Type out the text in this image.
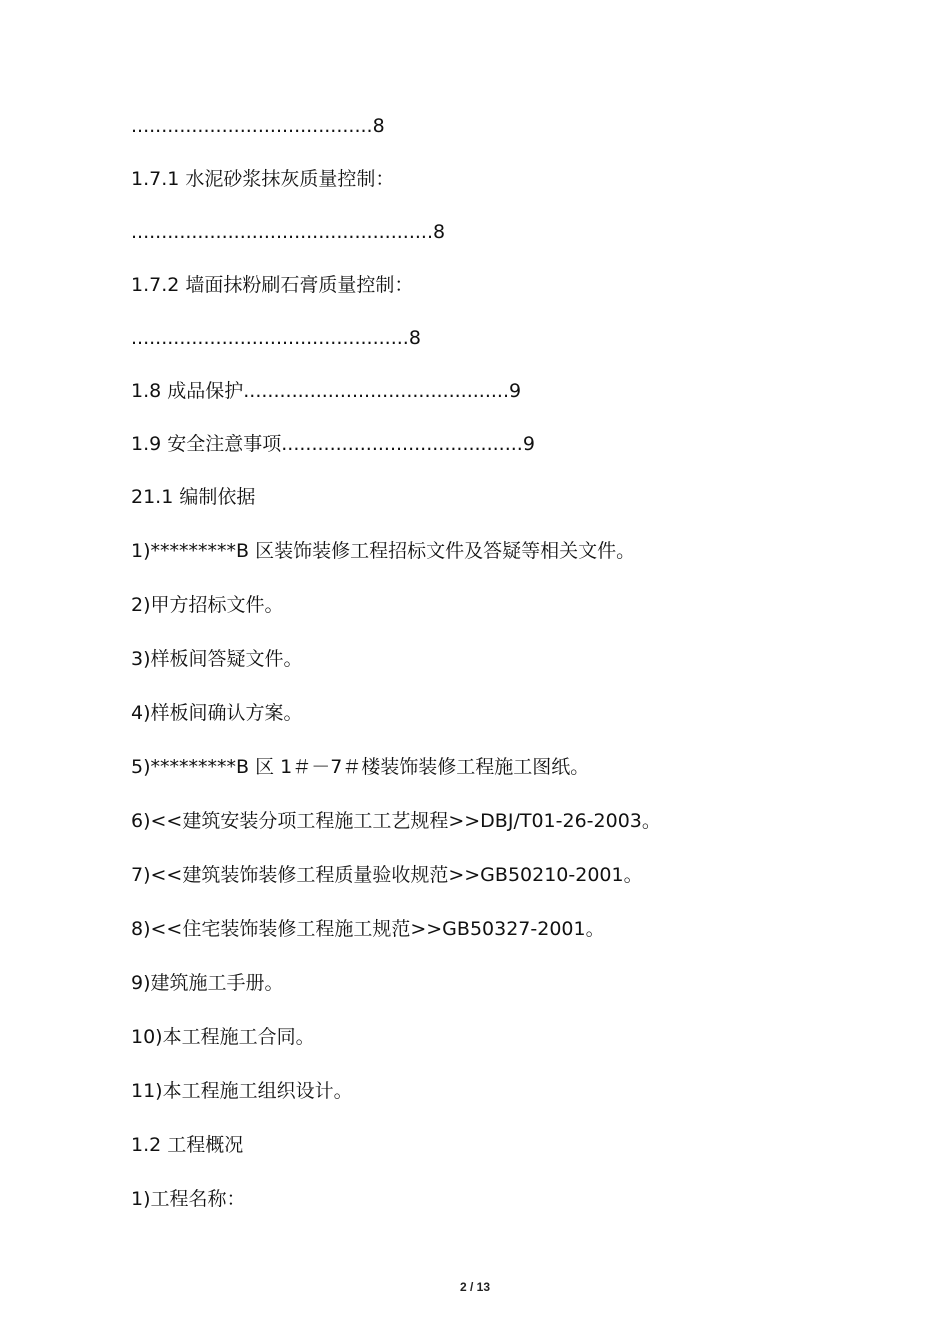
........................................8
1.7.1 水泥砂浆抹灰质量控制：
..................................................8
1.7.2 墙面抹粉刷石膏质量控制：
..............................................8
1.8 成品保护............................................9
1.9 安全注意事项........................................9
21.1 编制依据
1)*********B 区装饰装修工程招标文件及答疑等相关文件。
2)甲方招标文件。
3)样板间答疑文件。
4)样板间确认方案。
5)*********B 区 1＃－7＃楼装饰装修工程施工图纸。
6)<<建筑安装分项工程施工工艺规程>>DBJ/T01-26-2003。
7)<<建筑装饰装修工程质量验收规范>>GB50210-2001。
8)<<住宅装饰装修工程施工规范>>GB50327-2001。
9)建筑施工手册。
10)本工程施工合同。
11)本工程施工组织设计。
1.2 工程概况
1)工程名称：
2 / 13
